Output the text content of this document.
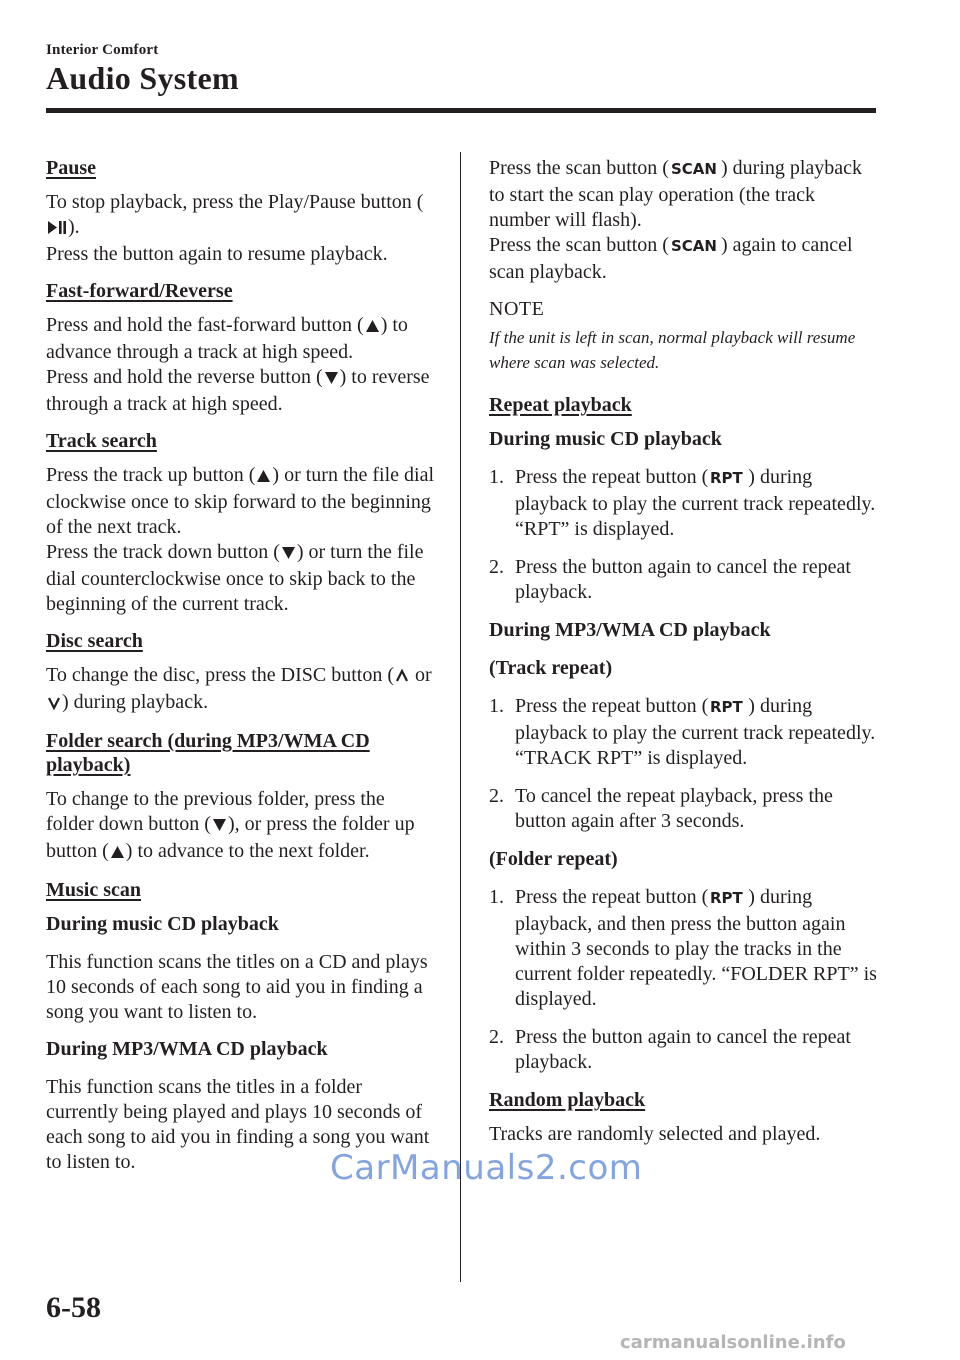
Interior Comfort
Audio System
Pause
To stop playback, press the Play/Pause button ().
Press the button again to resume playback.
Fast-forward/Reverse
Press and hold the fast-forward button ( ) to advance through a track at high speed.
Press and hold the reverse button ( ) to reverse through a track at high speed.
Track search
Press the track up button ( ) or turn the file dial clockwise once to skip forward to the beginning of the next track.
Press the track down button ( ) or turn the file dial counterclockwise once to skip back to the beginning of the current track.
Disc search
To change the disc, press the DISC button ( or ) during playback.
Folder search (during MP3/WMA CD playback)
To change to the previous folder, press the folder down button ( ), or press the folder up button ( ) to advance to the next folder.
Music scan
During music CD playback
This function scans the titles on a CD and plays 10 seconds of each song to aid you in finding a song you want to listen to.
During MP3/WMA CD playback
This function scans the titles in a folder currently being played and plays 10 seconds of each song to aid you in finding a song you want to listen to.
Press the scan button ( SCAN ) during playback to start the scan play operation (the track number will flash).
Press the scan button ( SCAN ) again to cancel scan playback.
NOTE
If the unit is left in scan, normal playback will resume where scan was selected.
Repeat playback
During music CD playback
1. Press the repeat button ( RPT ) during playback to play the current track repeatedly. “RPT” is displayed.
2. Press the button again to cancel the repeat playback.
During MP3/WMA CD playback
(Track repeat)
1. Press the repeat button ( RPT ) during playback to play the current track repeatedly. “TRACK RPT” is displayed.
2. To cancel the repeat playback, press the button again after 3 seconds.
(Folder repeat)
1. Press the repeat button ( RPT ) during playback, and then press the button again within 3 seconds to play the tracks in the current folder repeatedly. “FOLDER RPT” is displayed.
2. Press the button again to cancel the repeat playback.
Random playback
Tracks are randomly selected and played.
6-58
CarManuals2.com
carmanualsonline.info
